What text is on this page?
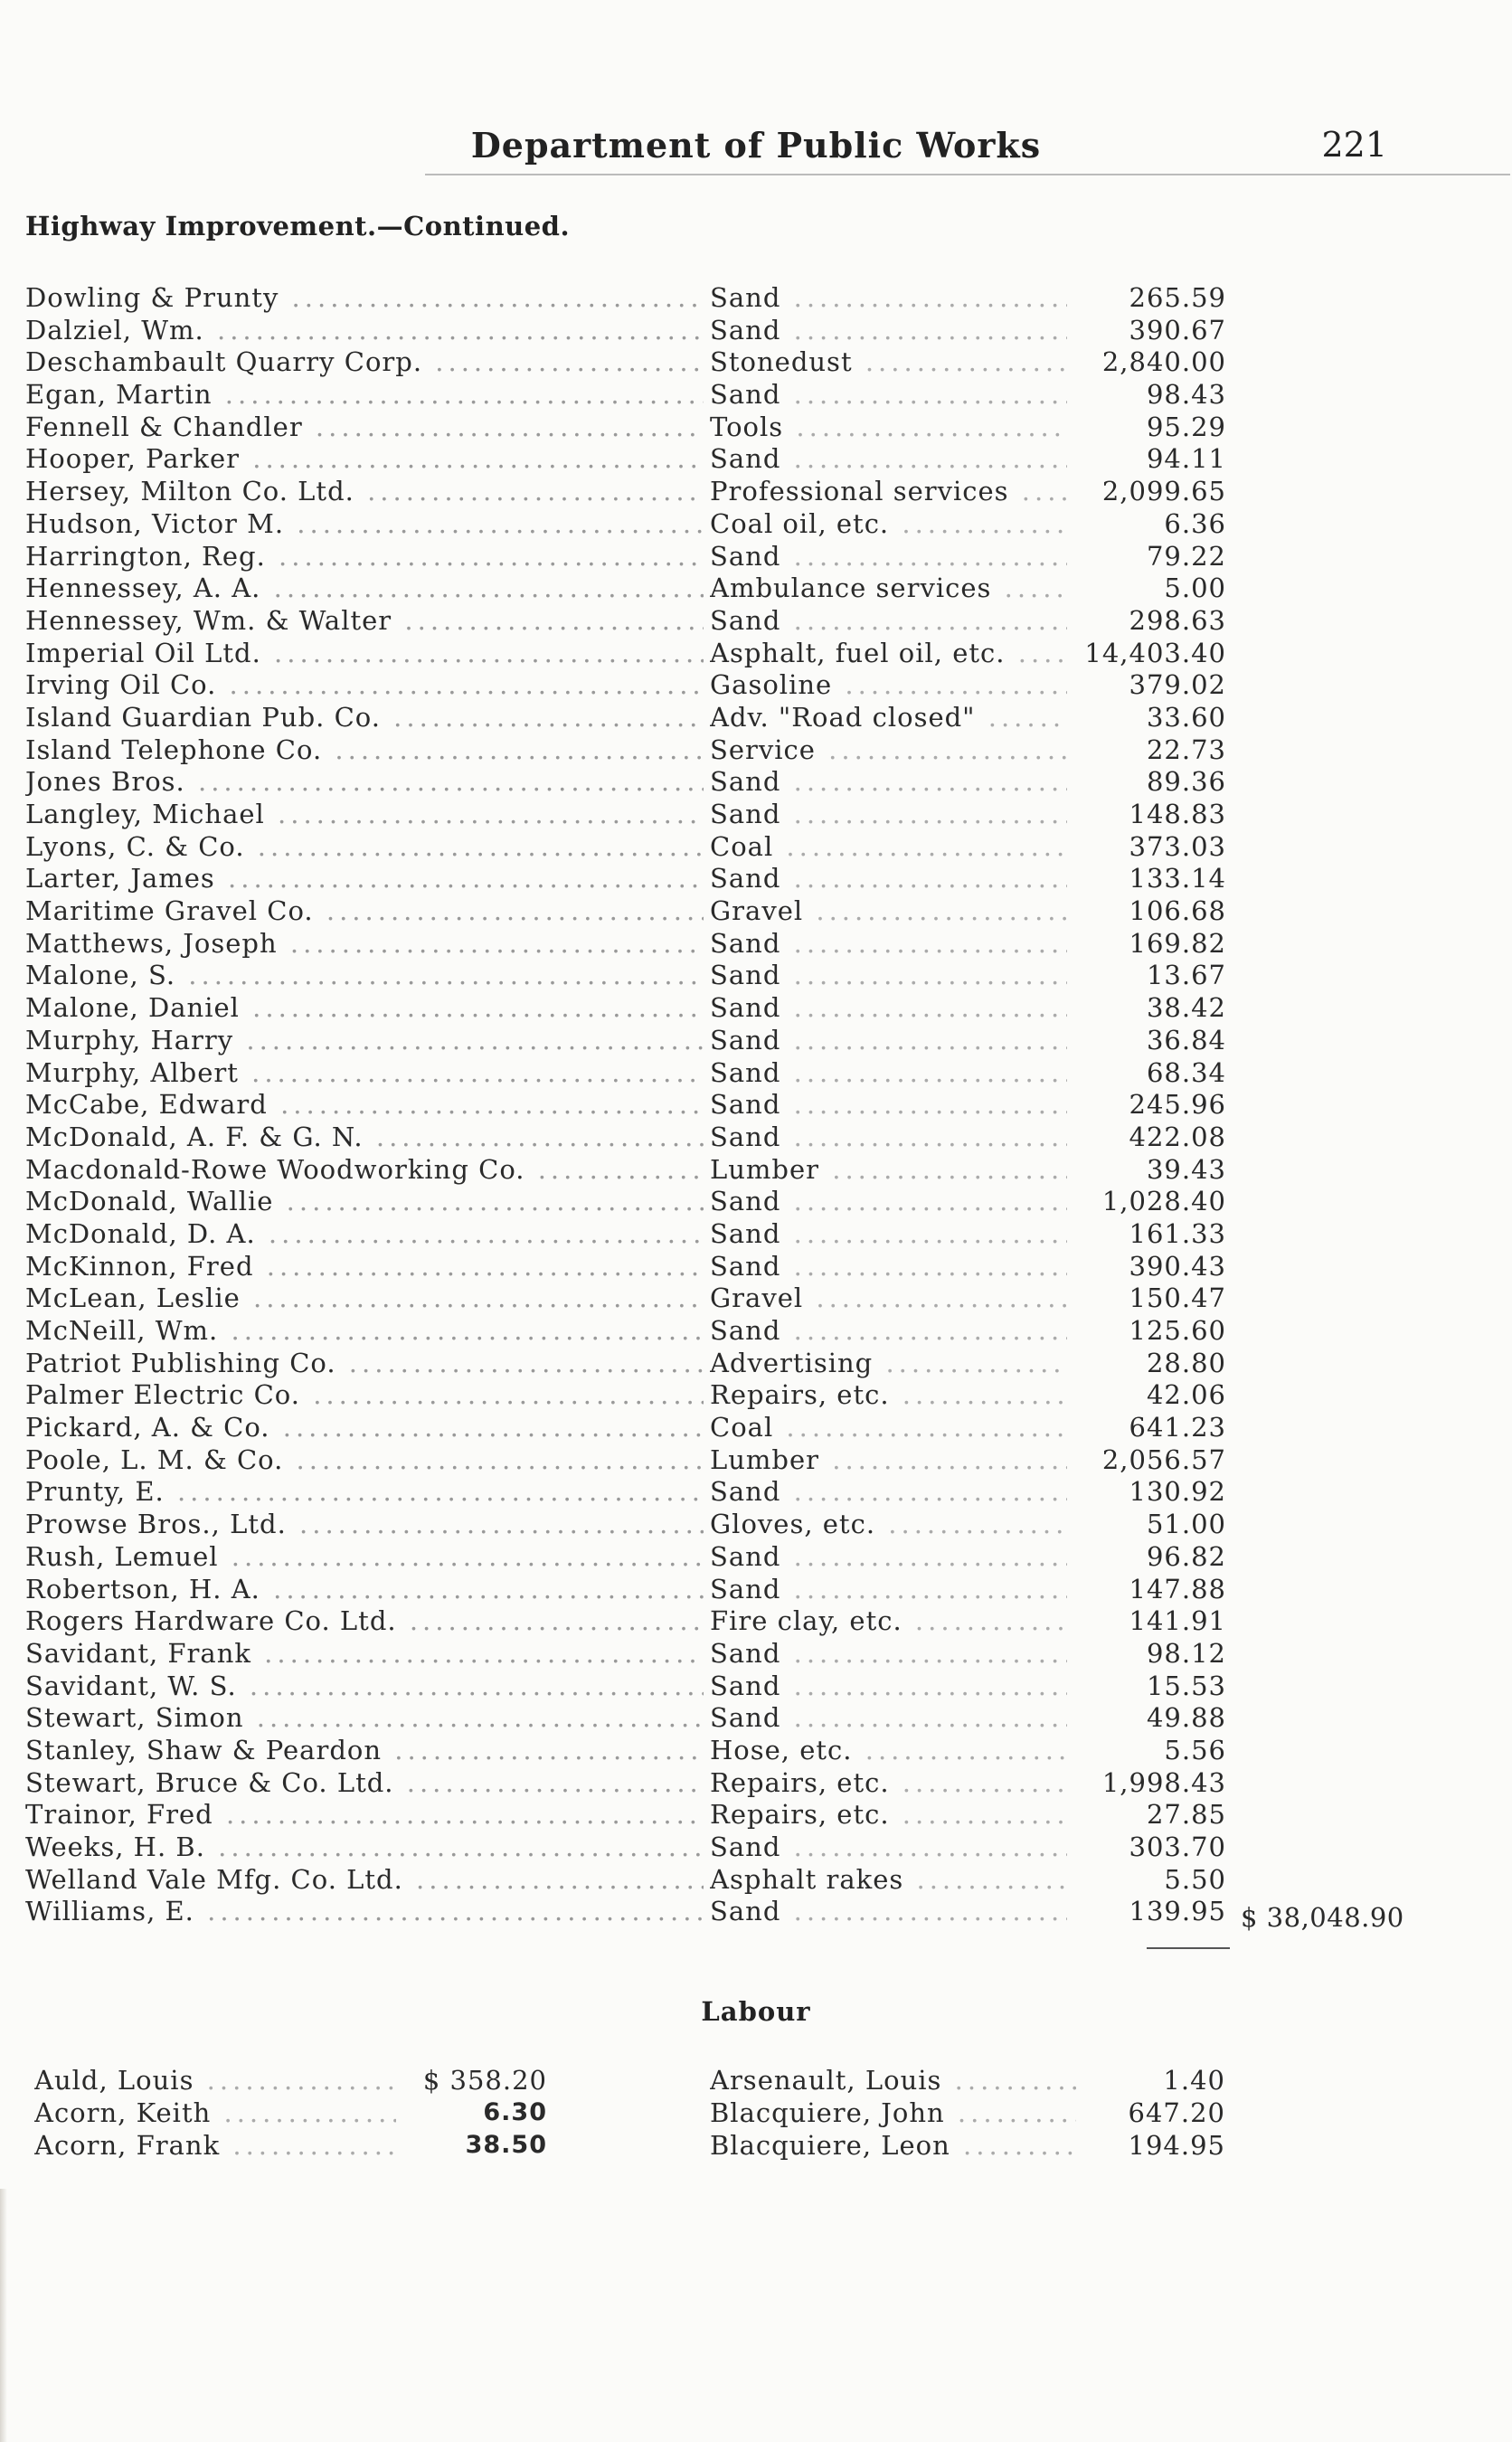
Department of Public Works	221
Highway Improvement.—Continued.
Dowling & Prunty .....	Sand .....	265.59
Dalziel, Wm. .....	Sand .....	390.67
Deschambault Quarry Corp. .....	Stonedust .....	2,840.00
Egan, Martin .....	Sand .....	98.43
Fennell & Chandler .....	Tools .....	95.29
Hooper, Parker .....	Sand .....	94.11
Hersey, Milton Co. Ltd. .....	Professional services .....	2,099.65
Hudson, Victor M. .....	Coal oil, etc. .....	6.36
Harrington, Reg. .....	Sand .....	79.22
Hennessey, A. A. .....	Ambulance services .....	5.00
Hennessey, Wm. & Walter .....	Sand .....	298.63
Imperial Oil Ltd. .....	Asphalt, fuel oil, etc. .....	14,403.40
Irving Oil Co. .....	Gasoline .....	379.02
Island Guardian Pub. Co. .....	Adv. "Road closed" .....	33.60
Island Telephone Co. .....	Service .....	22.73
Jones Bros. .....	Sand .....	89.36
Langley, Michael .....	Sand .....	148.83
Lyons, C. & Co. .....	Coal .....	373.03
Larter, James .....	Sand .....	133.14
Maritime Gravel Co. .....	Gravel .....	106.68
Matthews, Joseph .....	Sand .....	169.82
Malone, S. .....	Sand .....	13.67
Malone, Daniel .....	Sand .....	38.42
Murphy, Harry .....	Sand .....	36.84
Murphy, Albert .....	Sand .....	68.34
McCabe, Edward .....	Sand .....	245.96
McDonald, A. F. & G. N. .....	Sand .....	422.08
Macdonald-Rowe Woodworking Co. .....	Lumber .....	39.43
McDonald, Wallie .....	Sand .....	1,028.40
McDonald, D. A. .....	Sand .....	161.33
McKinnon, Fred .....	Sand .....	390.43
McLean, Leslie .....	Gravel .....	150.47
McNeill, Wm. .....	Sand .....	125.60
Patriot Publishing Co. .....	Advertising .....	28.80
Palmer Electric Co. .....	Repairs, etc. .....	42.06
Pickard, A. & Co. .....	Coal .....	641.23
Poole, L. M. & Co. .....	Lumber .....	2,056.57
Prunty, E. .....	Sand .....	130.92
Prowse Bros., Ltd. .....	Gloves, etc. .....	51.00
Rush, Lemuel .....	Sand .....	96.82
Robertson, H. A. .....	Sand .....	147.88
Rogers Hardware Co. Ltd. .....	Fire clay, etc. .....	141.91
Savidant, Frank .....	Sand .....	98.12
Savidant, W. S. .....	Sand .....	15.53
Stewart, Simon .....	Sand .....	49.88
Stanley, Shaw & Peardon .....	Hose, etc. .....	5.56
Stewart, Bruce & Co. Ltd. .....	Repairs, etc. .....	1,998.43
Trainor, Fred .....	Repairs, etc. .....	27.85
Weeks, H. B. .....	Sand .....	303.70
Welland Vale Mfg. Co. Ltd. .....	Asphalt rakes .....	5.50
Williams, E. .....	Sand .....	139.95 $ 38,048.90
Labour
Auld, Louis .....	$ 358.20	Arsenault, Louis .....	1.40
Acorn, Keith .....	6.30	Blacquiere, John .....	647.20
Acorn, Frank .....	38.50	Blacquiere, Leon .....	194.95
